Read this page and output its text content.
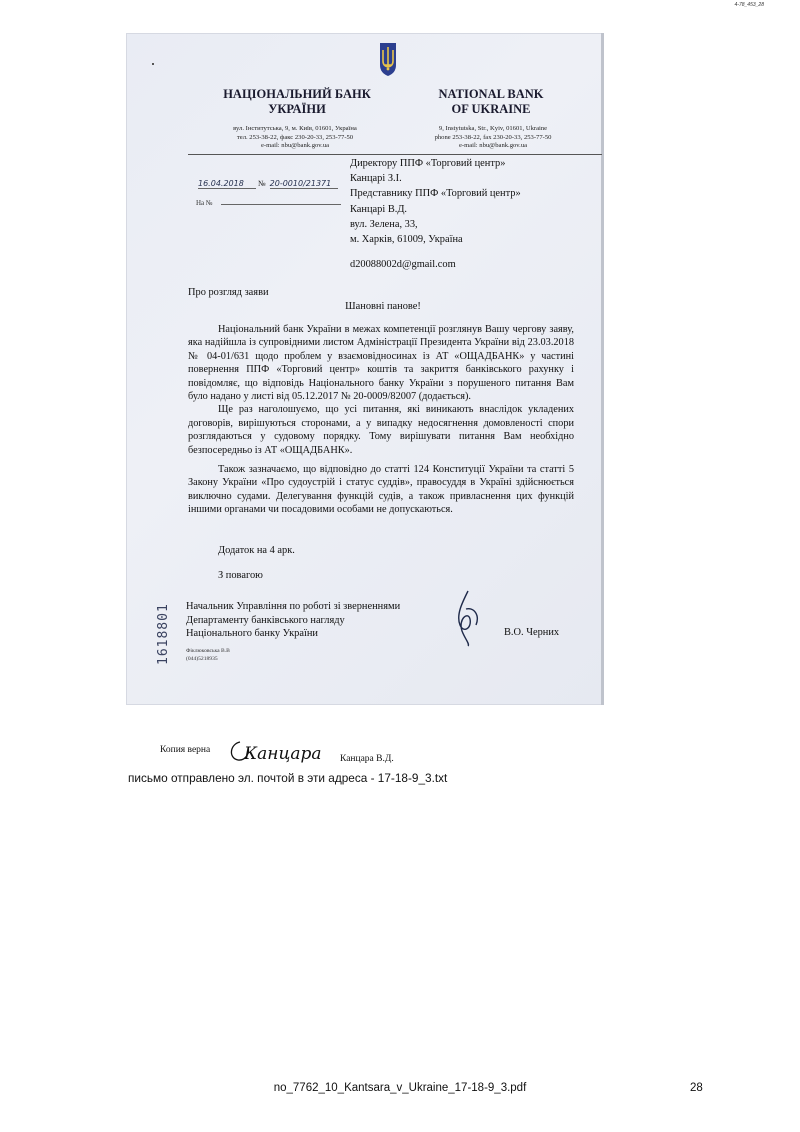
4-78_453_28
НАЦІОНАЛЬНИЙ БАНК
УКРАЇНИ
NATIONAL BANK
OF UKRAINE
вул. Інститутська, 9, м. Київ, 01601, Україна
тел. 253-38-22, факс 230-20-33, 253-77-50
e-mail: nbu@bank.gov.ua
9, Instytutska, Str., Kyiv, 01601, Ukraine
phone 253-38-22, fax 230-20-33, 253-77-50
e-mail: nbu@bank.gov.ua
16.04.2018 № 20-0010/21371
На №
Директору ППФ «Торговий центр»
Канцарі З.І.
Представнику ППФ «Торговий центр»
Канцарі В.Д.
вул. Зелена, 33,
м. Харків, 61009, Україна
d20088002d@gmail.com
Про розгляд заяви
Шановні панове!

Національний банк України в межах компетенції розглянув Вашу чергову заяву, яка надійшла із супровідними листом Адміністрації Президента України від 23.03.2018 № 04-01/631 щодо проблем у взаємовідносинах із АТ «ОЩАДБАНК» у частині повернення ППФ «Торговий центр» коштів та закриття банківського рахунку і повідомляє, що відповідь Національного банку України з порушеного питання Вам було надано у листі від 05.12.2017 № 20-0009/82007 (додається).

Ще раз наголошуємо, що усі питання, які виникають внаслідок укладених договорів, вирішуються сторонами, а у випадку недосягнення домовленості спори розглядаються у судовому порядку. Тому вирішувати питання Вам необхідно безпосередньо із АТ «ОЩАДБАНК».

Також зазначаємо, що відповідно до статті 124 Конституції України та статті 5 Закону України «Про судоустрій і статус суддів», правосуддя в Україні здійснюється виключно судами. Делегування функцій судів, а також привласнення цих функцій іншими органами чи посадовими особами не допускаються.

Додаток на 4 арк.
З повагою
Начальник Управління по роботі зі зверненнями
Департаменту банківського нагляду
Національного банку України	В.О. Черних
Фіклюковська В.В
(044)5218935
1618801
Копия верна Канцара Канцара В.Д.
письмо отправлено эл. почтой в эти адреса - 17-18-9_3.txt
no_7762_10_Kantsara_v_Ukraine_17-18-9_3.pdf	28
